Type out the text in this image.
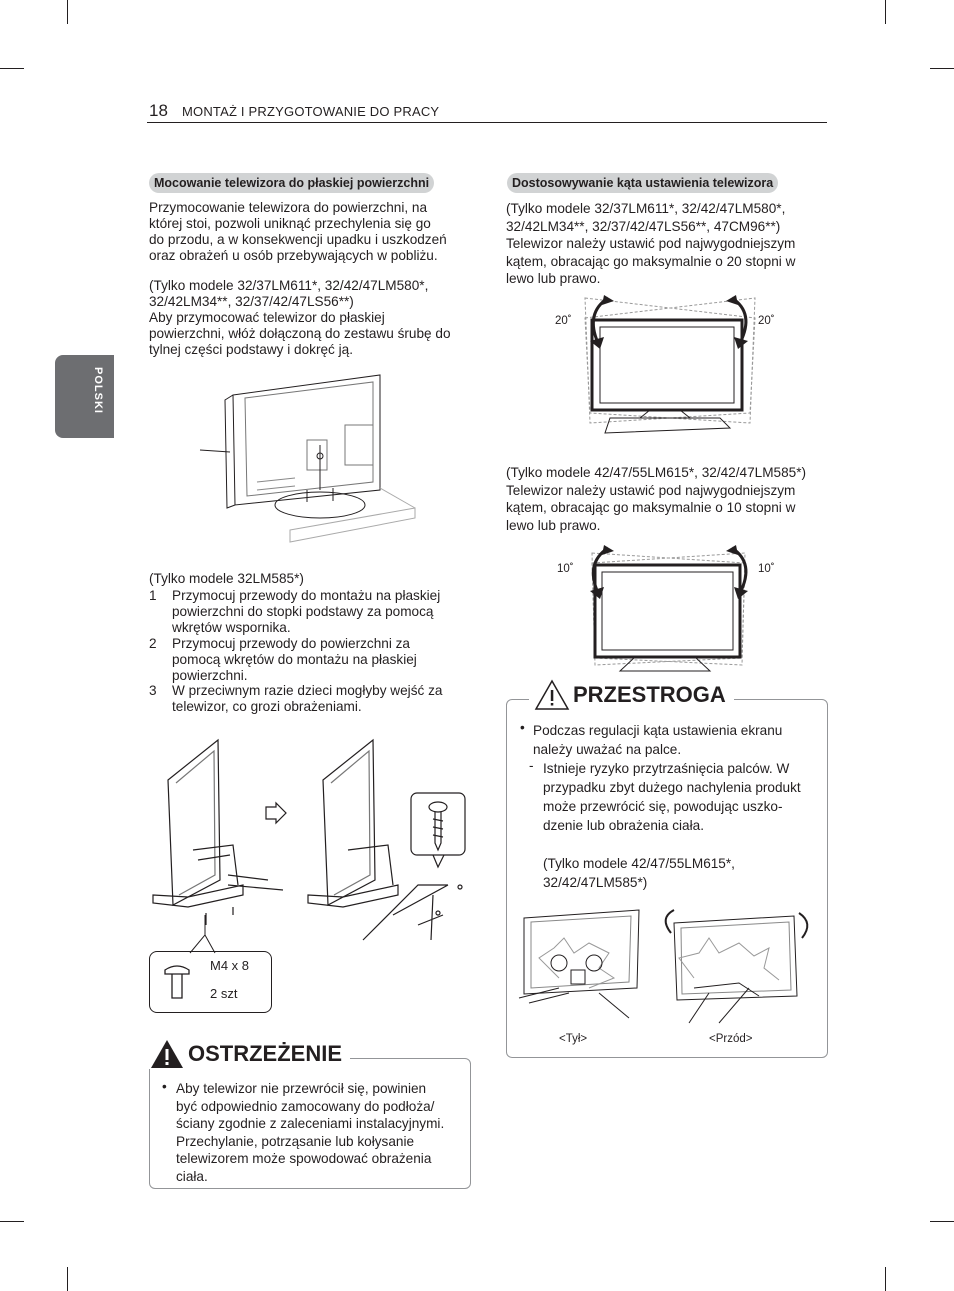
18 MONTAŻ I PRZYGOTOWANIE DO PRACY
POLSKI
Mocowanie telewizora do płaskiej powierzchni
Przymocowanie telewizora do powierzchni, na
której stoi, pozwoli uniknąć przechylenia się go
do przodu, a w konsekwencji upadku i uszkodzeń
oraz obrażeń u osób przebywających w pobliżu.
(Tylko modele 32/37LM611*, 32/42/47LM580*,
32/42LM34**, 32/37/42/47LS56**)
Aby przymocować telewizor do płaskiej
powierzchni, włóż dołączoną do zestawu śrubę do
tylnej części podstawy i dokręć ją.
(Tylko modele 32LM585*)
1 Przymocuj przewody do montażu na płaskiej
powierzchni do stopki podstawy za pomocą
wkrętów wspornika.
2 Przymocuj przewody do powierzchni za
pomocą wkrętów do montażu na płaskiej
powierzchni.
3 W przeciwnym razie dzieci mogłyby wejść za
telewizor, co grozi obrażeniami.
M4 x 8
2 szt
OSTRZEŻENIE
• Aby telewizor nie przewrócił się, powinien
być odpowiednio zamocowany do podłoża/
ściany zgodnie z zaleceniami instalacyjnymi.
Przechylanie, potrząsanie lub kołysanie
telewizorem może spowodować obrażenia
ciała.
Dostosowywanie kąta ustawienia telewizora
(Tylko modele 32/37LM611*, 32/42/47LM580*,
32/42LM34**, 32/37/42/47LS56**, 47CM96**)
Telewizor należy ustawić pod najwygodniejszym
kątem, obracając go maksymalnie o 20 stopni w
lewo lub prawo.
20˚	20˚
(Tylko modele 42/47/55LM615*, 32/42/47LM585*)
Telewizor należy ustawić pod najwygodniejszym
kątem, obracając go maksymalnie o 10 stopni w
lewo lub prawo.
10˚	10˚
PRZESTROGA
• Podczas regulacji kąta ustawienia ekranu
należy uważać na palce.
- Istnieje ryzyko przytrzaśnięcia palców. W
przypadku zbyt dużego nachylenia produkt
może przewrócić się, powodując uszko-
dzenie lub obrażenia ciała.
(Tylko modele 42/47/55LM615*,
32/42/47LM585*)
<Tył>	<Przód>
